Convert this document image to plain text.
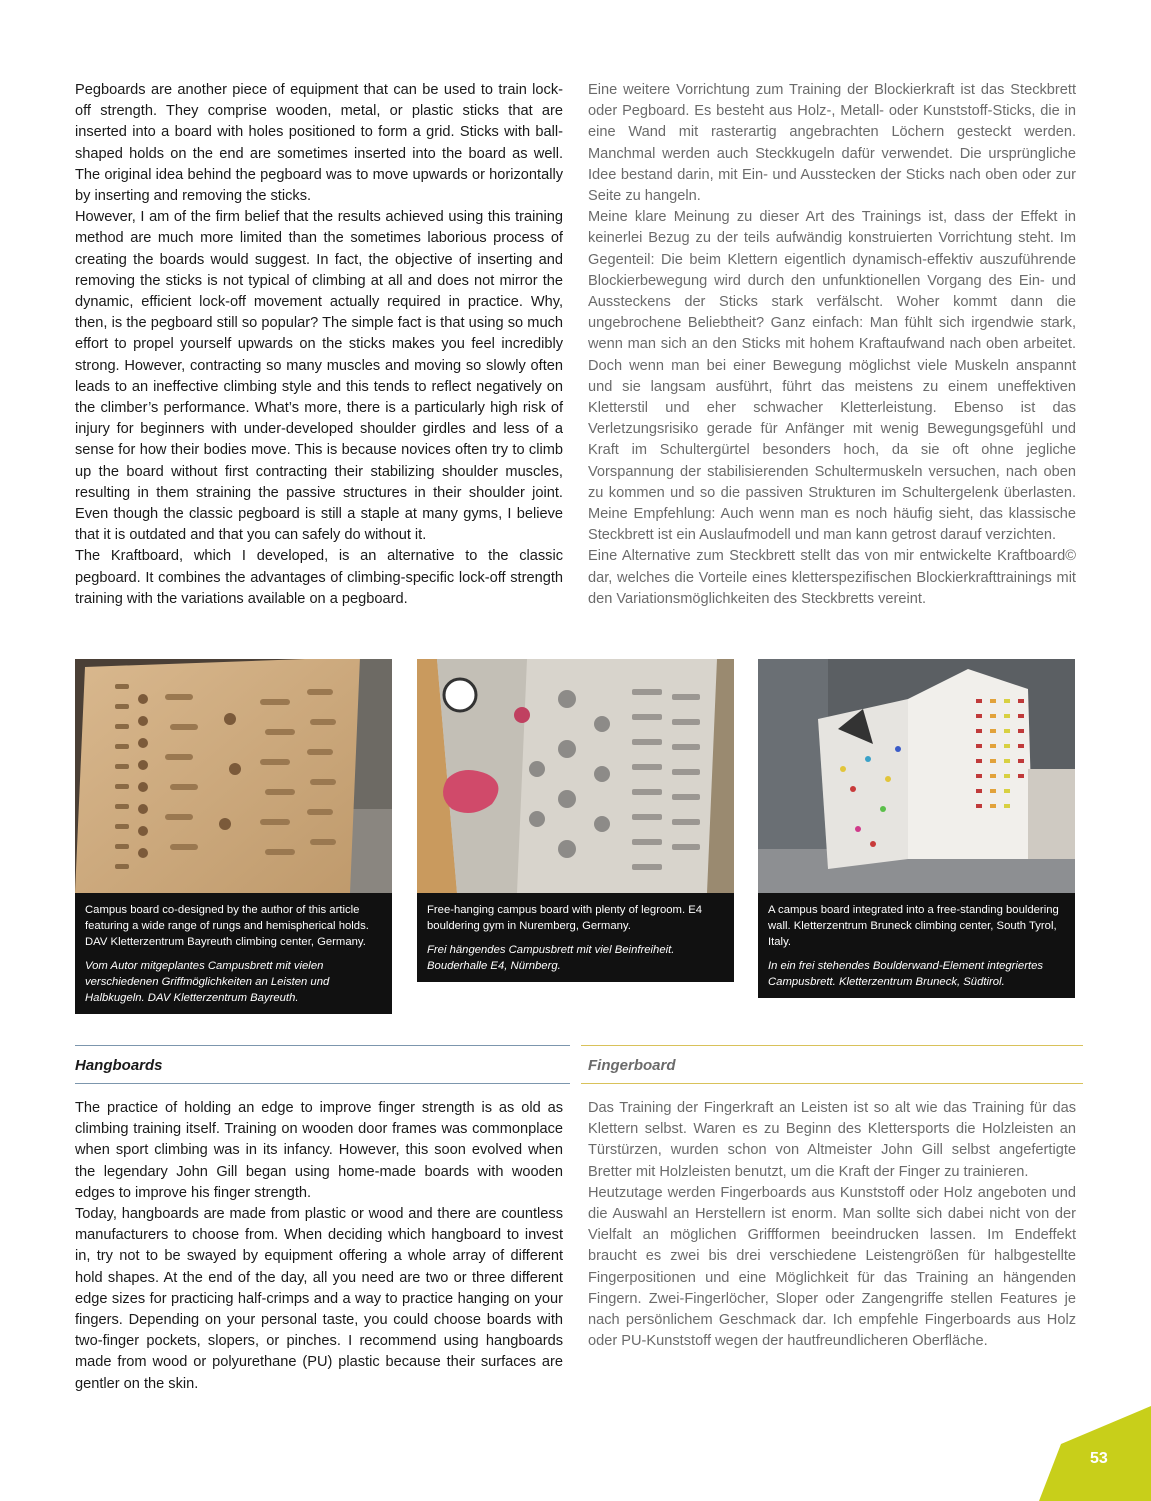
Pegboards are another piece of equipment that can be used to train lock-off strength. They comprise wooden, metal, or plastic sticks that are inserted into a board with holes positioned to form a grid. Sticks with ball-shaped holds on the end are sometimes inserted into the board as well. The original idea behind the pegboard was to move upwards or horizontally by inserting and removing the sticks.

However, I am of the firm belief that the results achieved using this training method are much more limited than the sometimes laborious process of creating the boards would suggest. In fact, the objective of inserting and removing the sticks is not typical of climbing at all and does not mirror the dynamic, efficient lock-off movement actually required in practice. Why, then, is the pegboard still so popular? The simple fact is that using so much effort to propel yourself upwards on the sticks makes you feel incredibly strong. However, contracting so many muscles and moving so slowly often leads to an ineffective climbing style and this tends to reflect negatively on the climber’s performance. What’s more, there is a particularly high risk of injury for beginners with under-developed shoulder girdles and less of a sense for how their bodies move. This is because novices often try to climb up the board without first contracting their stabilizing shoulder muscles, resulting in them straining the passive structures in their shoulder joint. Even though the classic pegboard is still a staple at many gyms, I believe that it is outdated and that you can safely do without it.

The Kraftboard, which I developed, is an alternative to the classic pegboard. It combines the advantages of climbing-specific lock-off strength training with the variations available on a pegboard.

Eine weitere Vorrichtung zum Training der Blockierkraft ist das Steckbrett oder Pegboard. Es besteht aus Holz-, Metall- oder Kunststoff-Sticks, die in eine Wand mit rasterartig angebrachten Löchern gesteckt werden. Manchmal werden auch Steckkugeln dafür verwendet. Die ursprüngliche Idee bestand darin, mit Ein- und Ausstecken der Sticks nach oben oder zur Seite zu hangeln.

Meine klare Meinung zu dieser Art des Trainings ist, dass der Effekt in keinerlei Bezug zu der teils aufwändig konstruierten Vorrichtung steht. Im Gegenteil: Die beim Klettern eigentlich dynamisch-effektiv auszuführende Blockierbewegung wird durch den unfunktionellen Vorgang des Ein- und Aussteckens der Sticks stark verfälscht. Woher kommt dann die ungebrochene Beliebtheit? Ganz einfach: Man fühlt sich irgendwie stark, wenn man sich an den Sticks mit hohem Kraftaufwand nach oben arbeitet. Doch wenn man bei einer Bewegung möglichst viele Muskeln anspannt und sie langsam ausführt, führt das meistens zu einem uneffektiven Kletterstil und eher schwacher Kletterleistung. Ebenso ist das Verletzungsrisiko gerade für Anfänger mit wenig Bewegungsgefühl und Kraft im Schultergürtel besonders hoch, da sie oft ohne jegliche Vorspannung der stabilisierenden Schultermuskeln versuchen, nach oben zu kommen und so die passiven Strukturen im Schultergelenk überlasten. Meine Empfehlung: Auch wenn man es noch häufig sieht, das klassische Steckbrett ist ein Auslaufmodell und man kann getrost darauf verzichten.

Eine Alternative zum Steckbrett stellt das von mir entwickelte Kraftboard© dar, welches die Vorteile eines kletterspezifischen Blockierkrafttrainings mit den Variationsmöglichkeiten des Steckbretts vereint.

Campus board co-designed by the author of this article featuring a wide range of rungs and hemispherical holds. DAV Kletterzentrum Bayreuth climbing center, Germany.

Vom Autor mitgeplantes Campusbrett mit vielen verschiedenen Griffmöglichkeiten an Leisten und Halbkugeln. DAV Kletterzentrum Bayreuth.

Free-hanging campus board with plenty of legroom. E4 bouldering gym in Nuremberg, Germany.

Frei hängendes Campusbrett mit viel Beinfreiheit. Bouderhalle E4, Nürnberg.

A campus board integrated into a free-standing bouldering wall. Kletterzentrum Bruneck climbing center, South Tyrol, Italy.

In ein frei stehendes Boulderwand-Element integriertes Campusbrett. Kletterzentrum Bruneck, Südtirol.

Hangboards	Fingerboard

The practice of holding an edge to improve finger strength is as old as climbing training itself. Training on wooden door frames was commonplace when sport climbing was in its infancy. However, this soon evolved when the legendary John Gill began using home-made boards with wooden edges to improve his finger strength.

Today, hangboards are made from plastic or wood and there are countless manufacturers to choose from. When deciding which hangboard to invest in, try not to be swayed by equipment offering a whole array of different hold shapes. At the end of the day, all you need are two or three different edge sizes for practicing half-crimps and a way to practice hanging on your fingers. Depending on your personal taste, you could choose boards with two-finger pockets, slopers, or pinches. I recommend using hangboards made from wood or polyurethane (PU) plastic because their surfaces are gentler on the skin.

Das Training der Fingerkraft an Leisten ist so alt wie das Training für das Klettern selbst. Waren es zu Beginn des Klettersports die Holzleisten an Türstürzen, wurden schon von Altmeister John Gill selbst angefertigte Bretter mit Holzleisten benutzt, um die Kraft der Finger zu trainieren.

Heutzutage werden Fingerboards aus Kunststoff oder Holz angeboten und die Auswahl an Herstellern ist enorm. Man sollte sich dabei nicht von der Vielfalt an möglichen Griffformen beeindrucken lassen. Im Endeffekt braucht es zwei bis drei verschiedene Leistengrößen für halbgestellte Fingerpositionen und eine Möglichkeit für das Training an hängenden Fingern. Zwei-Fingerlöcher, Sloper oder Zangengriffe stellen Features je nach persönlichem Geschmack dar. Ich empfehle Fingerboards aus Holz oder PU-Kunststoff wegen der hautfreundlicheren Oberfläche.

53
